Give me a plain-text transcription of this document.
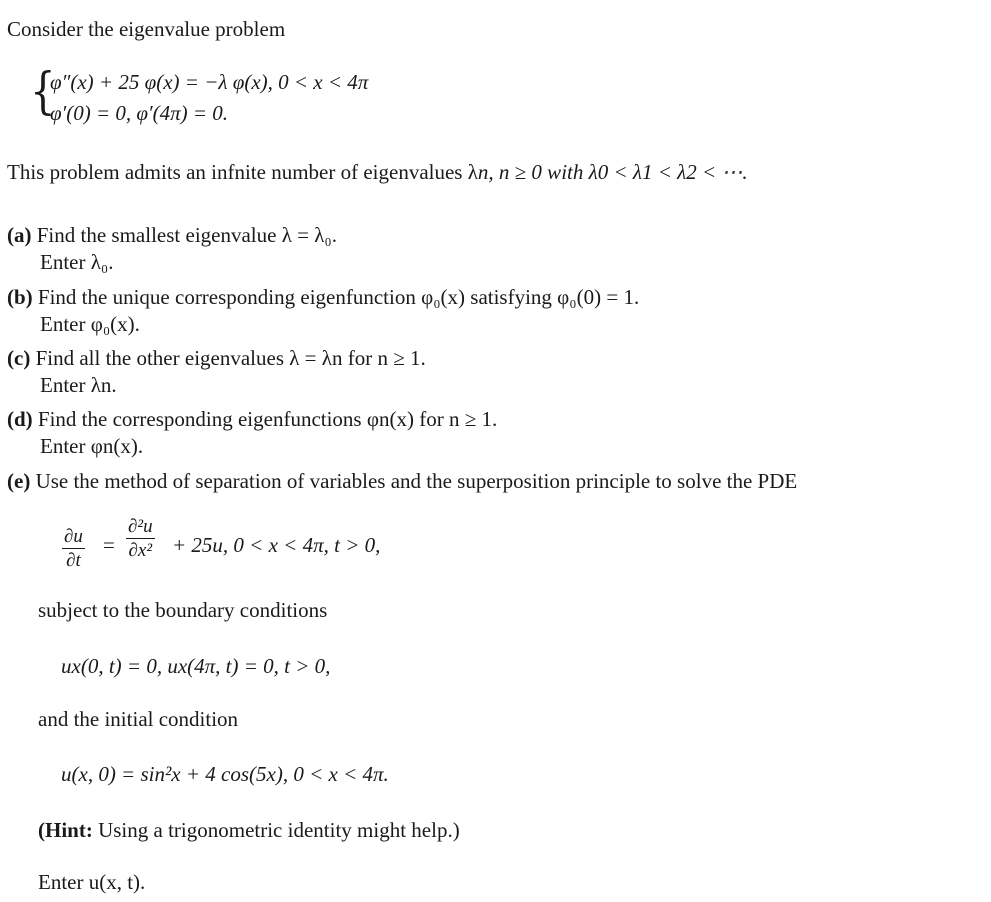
Consider the eigenvalue problem
{
φ″(x) + 25 φ(x) = −λ φ(x), 0 < x < 4π
φ′(0) = 0, φ′(4π) = 0.
This problem admits an infnite number of eigenvalues λn, n ≥ 0 with λ0 < λ1 < λ2 < ⋯.
(a) Find the smallest eigenvalue λ = λ₀.
Enter λ₀.
(b) Find the unique corresponding eigenfunction φ₀(x) satisfying φ₀(0) = 1.
Enter φ₀(x).
(c) Find all the other eigenvalues λ = λn for n ≥ 1.
Enter λn.
(d) Find the corresponding eigenfunctions φn(x) for n ≥ 1.
Enter φn(x).
(e) Use the method of separation of variables and the superposition principle to solve the PDE
$\frac{\partial u}{\partial t} = \frac{\text{∂²u}}{\text{∂x²}} + 25u$, 0 < x < 4π, t > 0,
subject to the boundary conditions
ux(0, t) = 0, ux(4π, t) = 0, t > 0,
and the initial condition
u(x, 0) = sin²x + 4 cos(5x), 0 < x < 4π.
(Hint: Using a trigonometric identity might help.)
Enter u(x, t).
